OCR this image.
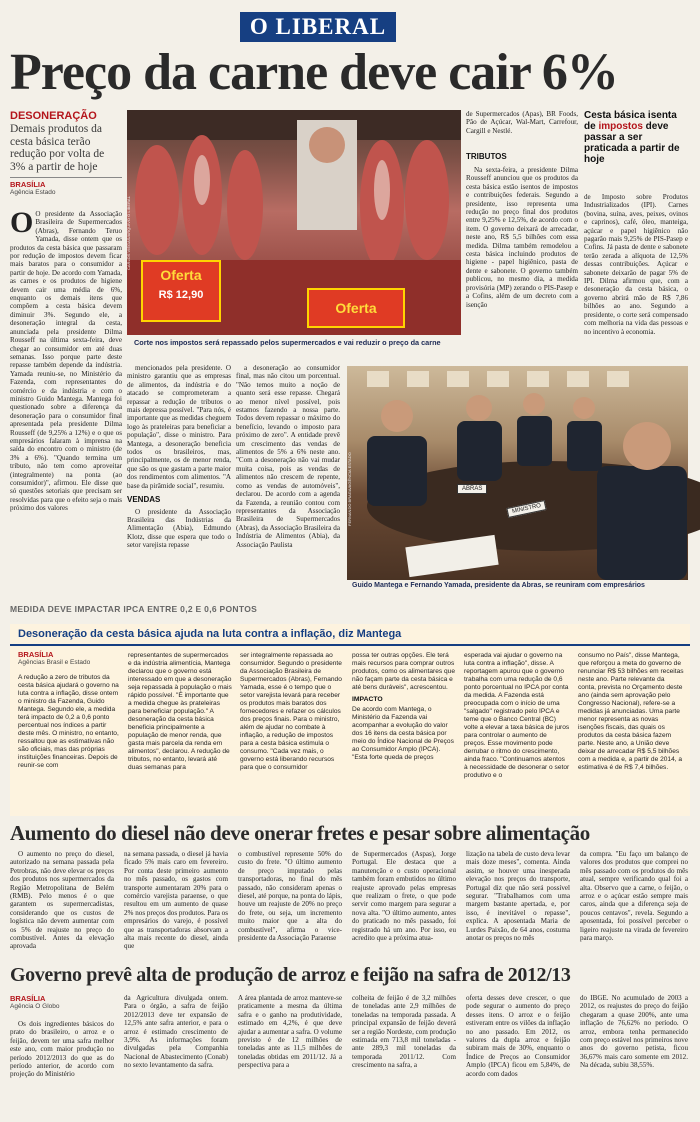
O LIBERAL
Preço da carne deve cair 6%
DESONERAÇÃO
Demais produtos da cesta básica terão redução por volta de 3% a partir de hoje
BRASÍLIA
Agência Estado
O O presidente da Associação Brasileira de Supermercados (Abras), Fernando Teruo Yamada, disse ontem que os produtos da cesta básica que passaram por redução de impostos devem ficar mais baratos para o consumidor a partir de hoje. De acordo com Yamada, as carnes e os produtos de higiene devem cair uma média de 6%, enquanto os demais itens que compõem a cesta básica devem diminuir 3%. Segundo ele, a desoneração integral da cesta, anunciada pela presidente Dilma Rousseff na última sexta-feira, deve chegar ao consumidor em até duas semanas. Isso porque parte deste repasse também depende da indústria. Yamada reuniu-se, no Ministério da Fazenda, com representantes do comércio e da indústria e com o ministro Guido Mantega. Mantega foi questionado sobre a diferença da desoneração para o consumidor final apresentada pela presidente Dilma Rousseff (de 9,25% a 12%) e o que os empresários falaram à imprensa na saída do encontro com o ministro (de 3% a 6%). "Quando termina um tributo, não tem como aproveitar (integralmente) na ponta (ao consumidor)", afirmou. Ele disse que só questões setoriais que precisam ser resolvidas para que o efeito seja o mais próximo dos valores
Oferta
R$ 12,90
Oferta
CARLOS VIÉGAS/ARQUIVO O LIBERAL
Corte nos impostos será repassado pelos supermercados e vai reduzir o preço da carne
de Supermercados (Apas), BR Foods, Pão de Açúcar, Wal-Mart, Carrefour, Cargill e Nestlé.
TRIBUTOS

Na sexta-feira, a presidente Dilma Rousseff anunciou que os produtos da cesta básica estão isentos de impostos e contribuições federais. Segundo a presidente, isso representa uma redução no preço final dos produtos entre 9,25% e 12,5%, de acordo com o item. O governo deixará de arrecadar, neste ano, R$ 5,5 bilhões com essa medida. Dilma também remodelou a cesta básica incluindo produtos de higiene - papel higiênico, pasta de dente e sabonete. O governo também publicou, no mesmo dia, a medida provisória (MP) zerando o PIS-Pasep e a Cofins, além de um decreto com a isenção

Cesta básica isenta de impostos deve passar a ser praticada a partir de hoje
de Imposto sobre Produtos Industrializados (IPI). Carnes (bovina, suína, aves, peixes, ovinos e caprinos), café, óleo, manteiga, açúcar e papel higiênico não pagarão mais 9,25% de PIS-Pasep e Cofins. Já pasta de dente e sabonete terão zerada a alíquota de 12,5% dessas contribuições. Açúcar e sabonete deixarão de pagar 5% de IPI. Dilma afirmou que, com a desoneração da cesta básica, o governo abrirá mão de R$ 7,86 bilhões ao ano. Segundo a presidente, o corte será compensado com melhoria na vida das pessoas e no incentivo à economia.

mencionados pela presidente. O ministro garantiu que as empresas de alimentos, da indústria e do atacado se comprometeram a repassar a redução de tributos o mais depressa possível. "Para nós, é importante que as medidas cheguem logo às prateleiras para beneficiar a população", disse o ministro. Para Mantega, a desoneração beneficia todos os brasileiros, mas, principalmente, os de menor renda, que são os que gastam a parte maior dos rendimentos com alimentos. "A base da pirâmide social", resumiu.

VENDAS

O presidente da Associação Brasileira das Indústrias da Alimentação (Abia), Edmundo Klotz, disse que espera que todo o setor varejista repasse

a desoneração ao consumidor final, mas não citou um porcentual. "Não temos muito a noção de quanto será esse repasse. Chegará ao menor nível possível, pois estamos fazendo a nossa parte. Todos devem repassar o máximo do benefício, levando o imposto para próximo de zero". A entidade prevê um crescimento das vendas de alimentos de 5% a 6% neste ano. "Com a desoneração não vai mudar muita coisa, pois as vendas de alimentos não crescem de repente, como as vendas de automóveis", declarou. De acordo com a agenda da Fazenda, a reunião contou com representantes da Associação Brasileira de Supermercados (Abras), da Associação Brasileira da Indústria de Alimentos (Abia), da Associação Paulista

ABRAS
MINISTRO
FERNANDO BRAGA/AGÊNCIA ESTADO
Guido Mantega e Fernando Yamada, presidente da Abras, se reuniram com empresários
MEDIDA DEVE IMPACTAR IPCA ENTRE 0,2 E 0,6 PONTOS
Desoneração da cesta básica ajuda na luta contra a inflação, diz Mantega
BRASÍLIA
Agências Brasil e Estado
A redução a zero de tributos da cesta básica ajudará o governo na luta contra a inflação, disse ontem o ministro da Fazenda, Guido Mantega. Segundo ele, a medida terá impacto de 0,2 a 0,6 ponto percentual nos índices a partir deste mês. O ministro, no entanto, ressaltou que as estimativas não são oficiais, mas das próprias instituições financeiras. Depois de reunir-se com
representantes de supermercados e da indústria alimentícia, Mantega declarou que o governo está interessado em que a desoneração seja repassada à população o mais rápido possível. "É importante que a medida chegue às prateleiras para beneficiar população." A desoneração da cesta básica beneficia principalmente a população de menor renda, que gasta mais parcela da renda em alimentos", declarou. A redução de tributos, no entanto, levará até duas semanas para
ser integralmente repassada ao consumidor. Segundo o presidente da Associação Brasileira de Supermercados (Abras), Fernando Yamada, esse é o tempo que o setor varejista levará para receber os produtos mais baratos dos fornecedores e refazer os cálculos dos preços finais. Para o ministro, além de ajudar no combate à inflação, a redução de impostos para a cesta básica estimula o consumo. "Cada vez mais, o governo está liberando recursos para que o consumidor
possa ter outras opções. Ele terá mais recursos para comprar outros produtos, como os alimentares que não façam parte da cesta básica e até bens duráveis", acrescentou.
IMPACTO
De acordo com Mantega, o Ministério da Fazenda vai acompanhar a evolução do valor dos 16 itens da cesta básica por meio do Índice Nacional de Preços ao Consumidor Amplo (IPCA). "Esta forte queda de preços
esperada vai ajudar o governo na luta contra a inflação", disse. A reportagem apurou que o governo trabalha com uma redução de 0,6 ponto porcentual no IPCA por conta da medida. A Fazenda está preocupada com o início de uma "salgado" registrado pelo IPCA e teme que o Banco Central (BC) volte a elevar a taxa básica de juros para controlar o aumento de preços. Esse movimento pode derrubar o ritmo do crescimento, ainda fraco. "Continuamos atentos à necessidade de desonerar o setor produtivo e o
consumo no País", disse Mantega, que reforçou a meta do governo de renunciar R$ 53 bilhões em receitas neste ano. Parte relevante da conta, prevista no Orçamento deste ano (ainda sem aprovação pelo Congresso Nacional), refere-se a medidas já anunciadas. Uma parte menor representa as novas isenções fiscais, das quais os produtos da cesta básica fazem parte. Neste ano, a União deve deixar de arrecadar R$ 5,5 bilhões com a medida e, a partir de 2014, a estimativa é de R$ 7,4 bilhões.
Aumento do diesel não deve onerar fretes e pesar sobre alimentação

O aumento no preço do diesel, autorizado na semana passada pela Petrobras, não deve elevar os preços dos produtos nos supermercados da Região Metropolitana de Belém (RMB). Pelo menos é o que garantem os supermercadistas, considerando que os custos de logística não devem aumentar com os 5% de reajuste no preço do combustível. Antes da elevação aprovada

na semana passada, o diesel já havia ficado 5% mais caro em fevereiro. Por conta deste primeiro aumento no mês passado, os gastos com transporte aumentaram 20% para o comércio varejista paraense, o que resultou em um aumento de quase 2% nos preços dos produtos. Para os empresários do varejo, é possível que as transportadoras absorvam a alta mais recente do diesel, ainda que
o combustível represente 50% do custo do frete. "O último aumento de preço imputado pelas transportadoras, no final do mês passado, não consideram apenas o diesel, até porque, na ponta do lápis, houve um reajuste de 20% no preço do frete, ou seja, um incremento muito maior que a alta do combustível", afirma o vice-presidente da Associação Paraense
de Supermercados (Aspas), Jorge Portugal. Ele destaca que a manutenção e o custo operacional também foram embutidos no último reajuste aprovado pelas empresas que realizam o frete, o que pode servir como margem para segurar a nova alta. "O último aumento, antes do praticado no mês passado, foi registrado há um ano. Por isso, eu acredito que a próxima atua-
lização na tabela de custo deva levar mais doze meses", comenta. Ainda assim, se houver uma inesperada elevação nos preços do transporte, Portugal diz que não será possível segurar. "Trabalhamos com uma margem bastante apertada, e, por isso, é inevitável o repasse", explica. A aposentada Maria de Lurdes Paixão, de 64 anos, costuma anotar os preços no mês
da compra. "Eu faço um balanço de valores dos produtos que comprei no mês passado com os produtos do mês atual, sempre verificando qual foi a alta. Observo que a carne, o feijão, o arroz e o açúcar estão sempre mais caros, ainda que a diferença seja de poucos centavos", revela. Segundo a aposentada, foi possível perceber o ligeiro reajuste na virada de fevereiro para março.
Governo prevê alta de produção de arroz e feijão na safra de 2012/13
BRASÍLIA
Agência O Globo

Os dois ingredientes básicos do prato do brasileiro, o arroz e o feijão, devem ter uma safra melhor este ano, com maior produção no período 2012/2013 do que as do período anterior, de acordo com projeção do Ministério

da Agricultura divulgada ontem. Para o órgão, a safra de feijão 2012/2013 deve ter expansão de 12,5% ante safra anterior, e para o arroz é estimado crescimento de 3,9%. As informações foram divulgadas pela Companhia Nacional de Abastecimento (Conab) no sexto levantamento da safra.
A área plantada de arroz manteve-se praticamente a mesma da última safra e o ganho na produtividade, estimado em 4,2%, é que deve ajudar a aumentar a safra. O volume previsto é de 12 milhões de toneladas ante as 11,5 milhões de toneladas obtidas em 2011/12. Já a perspectiva para a
colheita de feijão é de 3,2 milhões de toneladas ante 2,9 milhões de toneladas na temporada passada. A principal expansão de feijão deverá ser a região Nordeste, com produção estimada em 713,8 mil toneladas - ante 289,3 mil toneladas da temporada 2011/12. Com crescimento na safra, a
oferta desses deve crescer, o que pode segurar o aumento do preço desses itens. O arroz e o feijão estiveram entre os vilões da inflação no ano passado. Em 2012, os valores da dupla arroz e feijão subiram mais de 30%, enquanto o Índice de Preços ao Consumidor Amplo (IPCA) ficou em 5,84%, de acordo com dados
do IBGE. No acumulado de 2003 a 2012, os reajustes do preço do feijão chegaram a quase 200%, ante uma inflação de 76,62% no período. O arroz, embora tenha permanecido com preço estável nos primeiros nove anos do governo petista, ficou 36,67% mais caro somente em 2012. Na década, subiu 38,55%.
